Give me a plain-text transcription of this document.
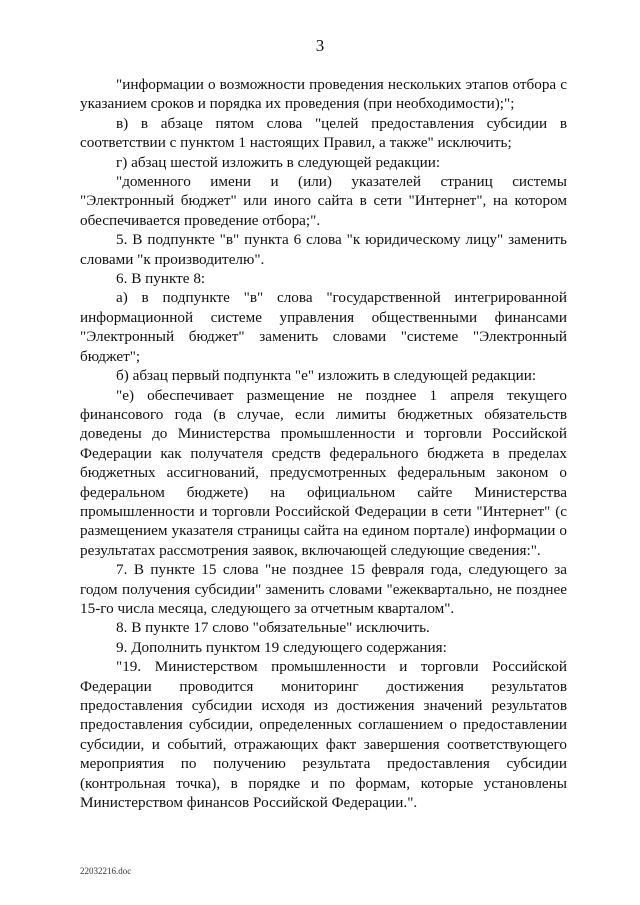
3

"информации о возможности проведения нескольких этапов отбора с указанием сроков и порядка их проведения (при необходимости);";

в) в абзаце пятом слова "целей предоставления субсидии в соответствии с пунктом 1 настоящих Правил, а также" исключить;

г) абзац шестой изложить в следующей редакции:

"доменного имени и (или) указателей страниц системы "Электронный бюджет" или иного сайта в сети "Интернет", на котором обеспечивается проведение отбора;".

5. В подпункте "в" пункта 6 слова "к юридическому лицу" заменить словами "к производителю".

6. В пункте 8:

а) в подпункте "в" слова "государственной интегрированной информационной системе управления общественными финансами "Электронный бюджет" заменить словами "системе "Электронный бюджет";

б) абзац первый подпункта "е" изложить в следующей редакции:

"е) обеспечивает размещение не позднее 1 апреля текущего финансового года (в случае, если лимиты бюджетных обязательств доведены до Министерства промышленности и торговли Российской Федерации как получателя средств федерального бюджета в пределах бюджетных ассигнований, предусмотренных федеральным законом о федеральном бюджете) на официальном сайте Министерства промышленности и торговли Российской Федерации в сети "Интернет" (с размещением указателя страницы сайта на едином портале) информации о результатах рассмотрения заявок, включающей следующие сведения:".

7. В пункте 15 слова "не позднее 15 февраля года, следующего за годом получения субсидии" заменить словами "ежеквартально, не позднее 15-го числа месяца, следующего за отчетным кварталом".

8. В пункте 17 слово "обязательные" исключить.

9. Дополнить пунктом 19 следующего содержания:

"19. Министерством промышленности и торговли Российской Федерации проводится мониторинг достижения результатов предоставления субсидии исходя из достижения значений результатов предоставления субсидии, определенных соглашением о предоставлении субсидии, и событий, отражающих факт завершения соответствующего мероприятия по получению результата предоставления субсидии (контрольная точка), в порядке и по формам, которые установлены Министерством финансов Российской Федерации.".

22032216.doc
